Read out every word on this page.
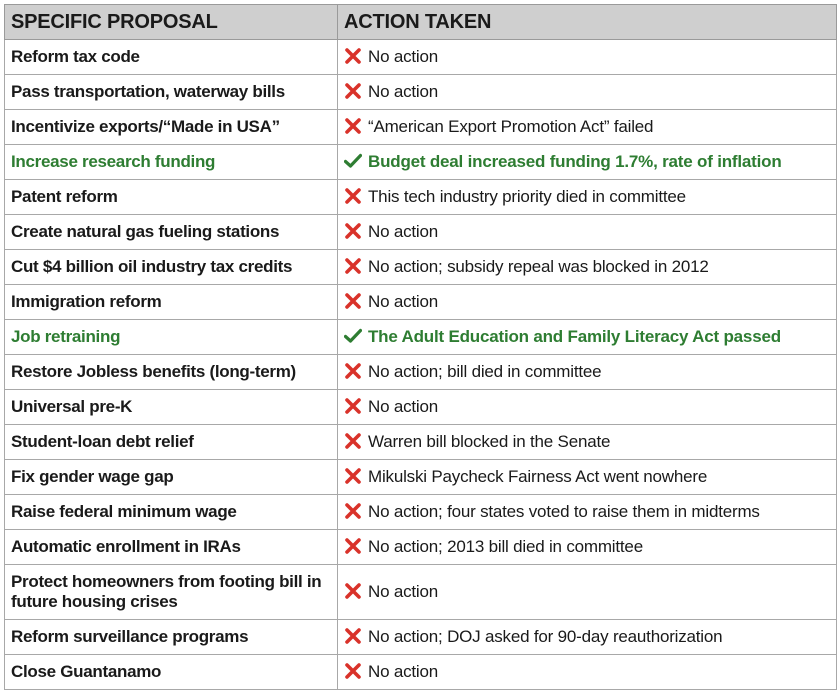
SPECIFIC PROPOSAL	ACTION TAKEN
Reform tax code	No action
Pass transportation, waterway bills	No action
Incentivize exports/“Made in USA”	“American Export Promotion Act” failed
Increase research funding	Budget deal increased funding 1.7%, rate of inflation
Patent reform	This tech industry priority died in committee
Create natural gas fueling stations	No action
Cut $4 billion oil industry tax credits	No action; subsidy repeal was blocked in 2012
Immigration reform	No action
Job retraining	The Adult Education and Family Literacy Act passed
Restore Jobless benefits (long-term)	No action; bill died in committee
Universal pre-K	No action
Student-loan debt relief	Warren bill blocked in the Senate
Fix gender wage gap	Mikulski Paycheck Fairness Act went nowhere
Raise federal minimum wage	No action; four states voted to raise them in midterms
Automatic enrollment in IRAs	No action; 2013 bill died in committee
Protect homeowners from footing bill in future housing crises	No action
Reform surveillance programs	No action; DOJ asked for 90-day reauthorization
Close Guantanamo	No action
